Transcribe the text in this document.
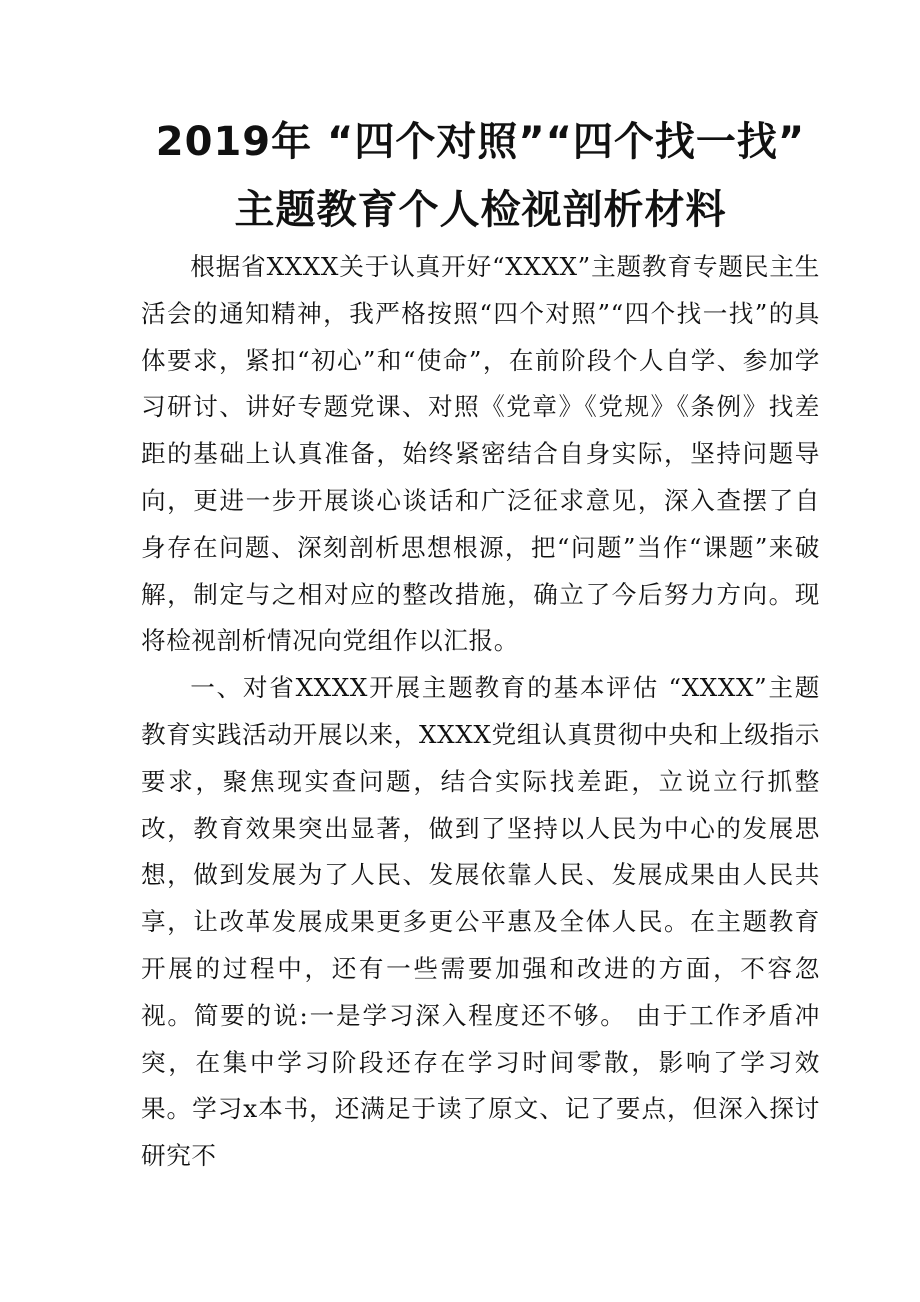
2019年 “四个对照”“四个找一找”
主题教育个人检视剖析材料

根据省XXXX关于认真开好“XXXX”主题教育专题民主生活会的通知精神，我严格按照“四个对照”“四个找一找”的具体要求，紧扣“初心”和“使命”，在前阶段个人自学、参加学习研讨、讲好专题党课、对照《党章》《党规》《条例》找差距的基础上认真准备，始终紧密结合自身实际，坚持问题导向，更进一步开展谈心谈话和广泛征求意见，深入查摆了自身存在问题、深刻剖析思想根源，把“问题”当作“课题”来破解，制定与之相对应的整改措施，确立了今后努力方向。现将检视剖析情况向党组作以汇报。

一、对省XXXX开展主题教育的基本评估 “XXXX”主题教育实践活动开展以来，XXXX党组认真贯彻中央和上级指示要求，聚焦现实查问题，结合实际找差距，立说立行抓整改，教育效果突出显著，做到了坚持以人民为中心的发展思想，做到发展为了人民、发展依靠人民、发展成果由人民共享，让改革发展成果更多更公平惠及全体人民。在主题教育开展的过程中，还有一些需要加强和改进的方面，不容忽视。简要的说:一是学习深入程度还不够。 由于工作矛盾冲突，在集中学习阶段还存在学习时间零散，影响了学习效果。学习x本书，还满足于读了原文、记了要点，但深入探讨研究不
